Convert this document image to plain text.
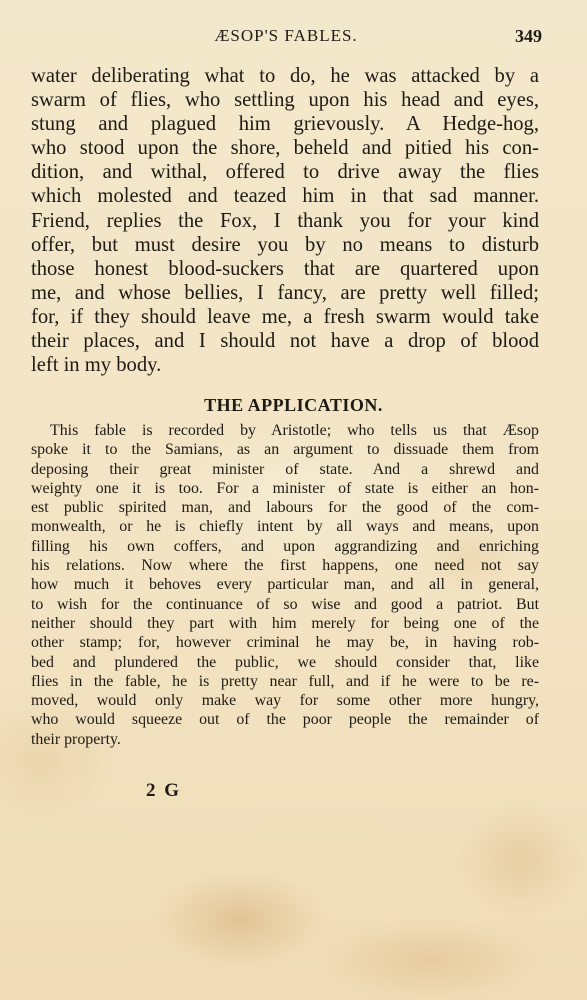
ÆSOP'S FABLES.	349
water deliberating what to do, he was attacked by a
swarm of flies, who settling upon his head and eyes,
stung and plagued him grievously. A Hedge-hog,
who stood upon the shore, beheld and pitied his con-
dition, and withal, offered to drive away the flies
which molested and teazed him in that sad manner.
Friend, replies the Fox, I thank you for your kind
offer, but must desire you by no means to disturb
those honest blood-suckers that are quartered upon
me, and whose bellies, I fancy, are pretty well filled;
for, if they should leave me, a fresh swarm would take
their places, and I should not have a drop of blood
left in my body.
THE APPLICATION.
This fable is recorded by Aristotle; who tells us that Æsop
spoke it to the Samians, as an argument to dissuade them from
deposing their great minister of state. And a shrewd and
weighty one it is too. For a minister of state is either an hon-
est public spirited man, and labours for the good of the com-
monwealth, or he is chiefly intent by all ways and means, upon
filling his own coffers, and upon aggrandizing and enriching
his relations. Now where the first happens, one need not say
how much it behoves every particular man, and all in general,
to wish for the continuance of so wise and good a patriot. But
neither should they part with him merely for being one of the
other stamp; for, however criminal he may be, in having rob-
bed and plundered the public, we should consider that, like
flies in the fable, he is pretty near full, and if he were to be re-
moved, would only make way for some other more hungry,
who would squeeze out of the poor people the remainder of
their property.
2 G
